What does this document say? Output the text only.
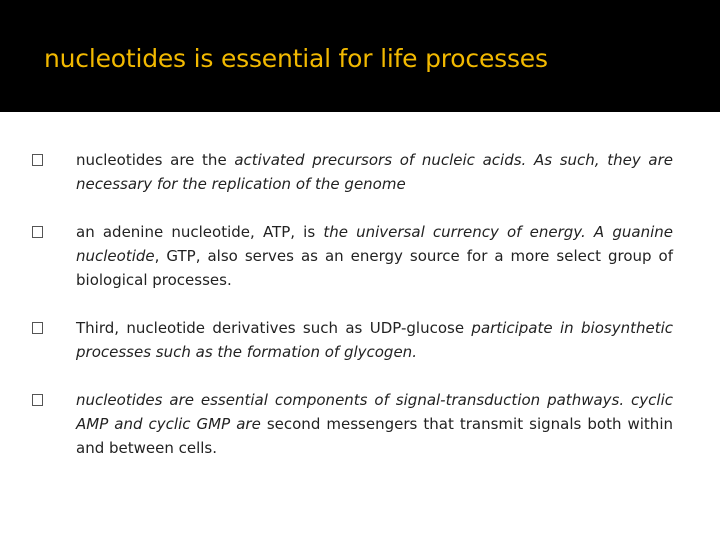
nucleotides is essential for life processes

nucleotides are the activated precursors of nucleic acids. As such, they are necessary for the replication of the genome

an adenine nucleotide, ATP, is the universal currency of energy. A guanine nucleotide, GTP, also serves as an energy source for a more select group of biological processes.

Third, nucleotide derivatives such as UDP-glucose participate in biosynthetic processes such as the formation of glycogen.

nucleotides are essential components of signal-transduction pathways. cyclic AMP and cyclic GMP are second messengers that transmit signals both within and between cells.
